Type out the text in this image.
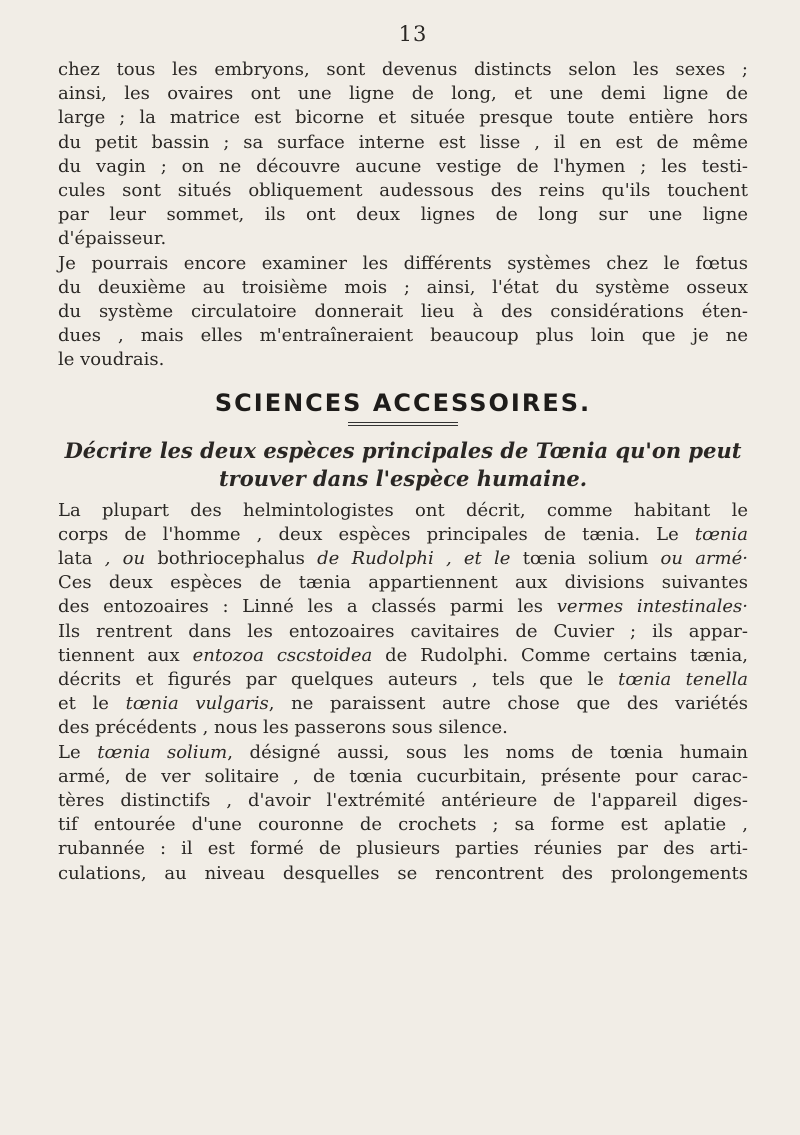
13

chez tous les embryons, sont devenus distincts selon les sexes ;
ainsi, les ovaires ont une ligne de long, et une demi ligne de
large ; la matrice est bicorne et située presque toute entière hors
du petit bassin ; sa surface interne est lisse , il en est de même
du vagin ; on ne découvre aucune vestige de l'hymen ; les testi-
cules sont situés obliquement audessous des reins qu'ils touchent
par leur sommet, ils ont deux lignes de long sur une ligne
d'épaisseur.

Je pourrais encore examiner les différents systèmes chez le fœtus
du deuxième au troisième mois ; ainsi, l'état du système osseux
du système circulatoire donnerait lieu à des considérations éten-
dues , mais elles m'entraîneraient beaucoup plus loin que je ne
le voudrais.

SCIENCES ACCESSOIRES.
Décrire les deux espèces principales de Tœnia qu'on peut
trouver dans l'espèce humaine.

La plupart des helmintologistes ont décrit, comme habitant le
corps de l'homme , deux espèces principales de tænia. Le tœnia
lata , ou bothriocephalus de Rudolphi , et le tœnia solium ou armé·
Ces deux espèces de tænia appartiennent aux divisions suivantes
des entozoaires : Linné les a classés parmi les vermes intestinales·
Ils rentrent dans les entozoaires cavitaires de Cuvier ; ils appar-
tiennent aux entozoa cscstoidea de Rudolphi. Comme certains tænia,
décrits et figurés par quelques auteurs , tels que le tœnia tenella
et le tœnia vulgaris, ne paraissent autre chose que des variétés
des précédents , nous les passerons sous silence.
Le tœnia solium, désigné aussi, sous les noms de tœnia humain
armé, de ver solitaire , de tœnia cucurbitain, présente pour carac-
tères distinctifs , d'avoir l'extrémité antérieure de l'appareil diges-
tif entourée d'une couronne de crochets ; sa forme est aplatie ,
rubannée : il est formé de plusieurs parties réunies par des arti-
culations, au niveau desquelles se rencontrent des prolongements
